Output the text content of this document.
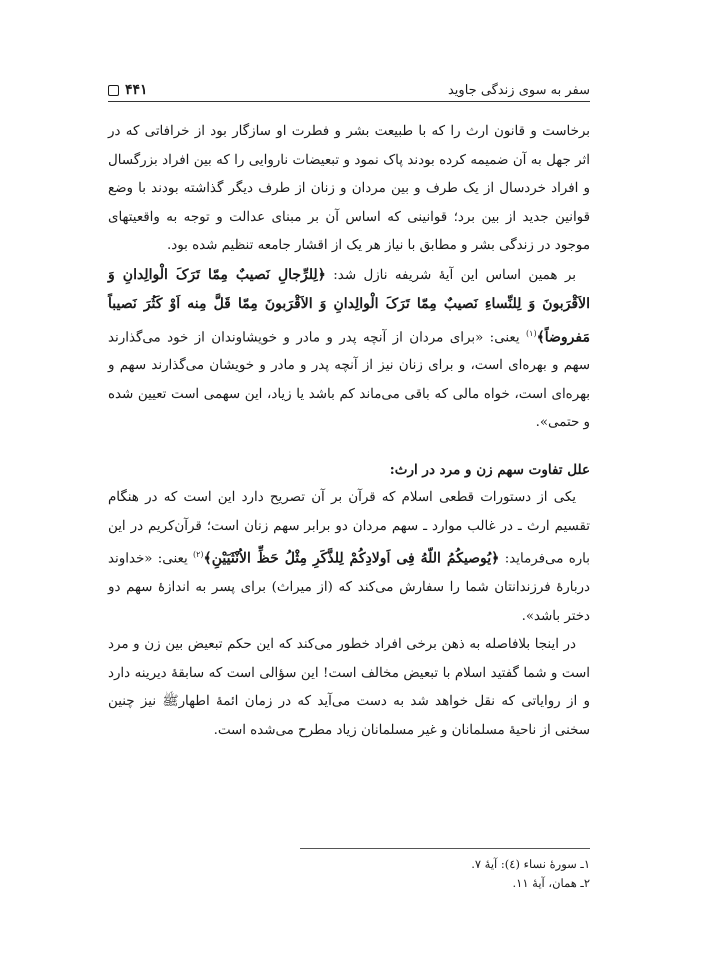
سفر به سوی زندگی جاوید
۴۴۱

برخاست و قانون ارث را که با طبیعت بشر و فطرت او سازگار بود از خرافاتی که در اثر جهل به آن ضمیمه کرده بودند پاک نمود و تبعیضات ناروایی را که بین افراد بزرگسال و افراد خردسال از یک طرف و بین مردان و زنان از طرف دیگر گذاشته بودند با وضع قوانین جدید از بین برد؛ قوانینی که اساس آن بر مبنای عدالت و توجه به واقعیتهای موجود در زندگی بشر و مطابق با نیاز هر یک از اقشار جامعه تنظیم شده بود.

بر همین اساس این آیهٔ شریفه نازل شد: ﴿لِلرِّجالِ نَصیبٌ مِمّا تَرَکَ الْوالِدانِ وَ الاَقْرَبونَ وَ لِلنِّساءِ نَصیبٌ مِمّا تَرَکَ الْوالِدانِ وَ الاَقْرَبونَ مِمّا قَلَّ مِنه اَوْ کَثُرَ نَصیباً مَفروضاً﴾$^{(۱)}$ یعنی: «برای مردان از آنچه پدر و مادر و خویشاوندان از خود می‌گذارند سهم و بهره‌ای است، و برای زنان نیز از آنچه پدر و مادر و خویشان می‌گذارند سهم و بهره‌ای است، خواه مالی که باقی می‌ماند کم باشد یا زیاد، این سهمی است تعیین شده و حتمی».

علل تفاوت سهم زن و مرد در ارث:

یکی از دستورات قطعی اسلام که قرآن بر آن تصریح دارد این است که در هنگام تقسیم ارث ـ در غالب موارد ـ سهم مردان دو برابر سهم زنان است؛ قرآن‌کریم در این باره می‌فرماید: ﴿یُوصیکُمُ اللّهُ فِی اَولادِکُمْ لِلذَّکَرِ مِثْلُ حَظِّ الاُنْثَیَیْنِ﴾$^{(۲)}$ یعنی: «خداوند دربارهٔ فرزندانتان شما را سفارش می‌کند که (از میراث) برای پسر به اندازهٔ سهم دو دختر باشد».

در اینجا بلافاصله به ذهن برخی افراد خطور می‌کند که این حکم تبعیض بین زن و مرد است و شما گفتید اسلام با تبعیض مخالف است! این سؤالی است که سابقهٔ دیرینه دارد و از روایاتی که نقل خواهد شد به دست می‌آید که در زمان ائمهٔ اطهارﷺ نیز چنین سخنی از ناحیهٔ مسلمانان و غیر مسلمانان زیاد مطرح می‌شده است.

۱ـ سورهٔ نساء (٤): آیهٔ ۷.
۲ـ همان، آیهٔ ۱۱.
